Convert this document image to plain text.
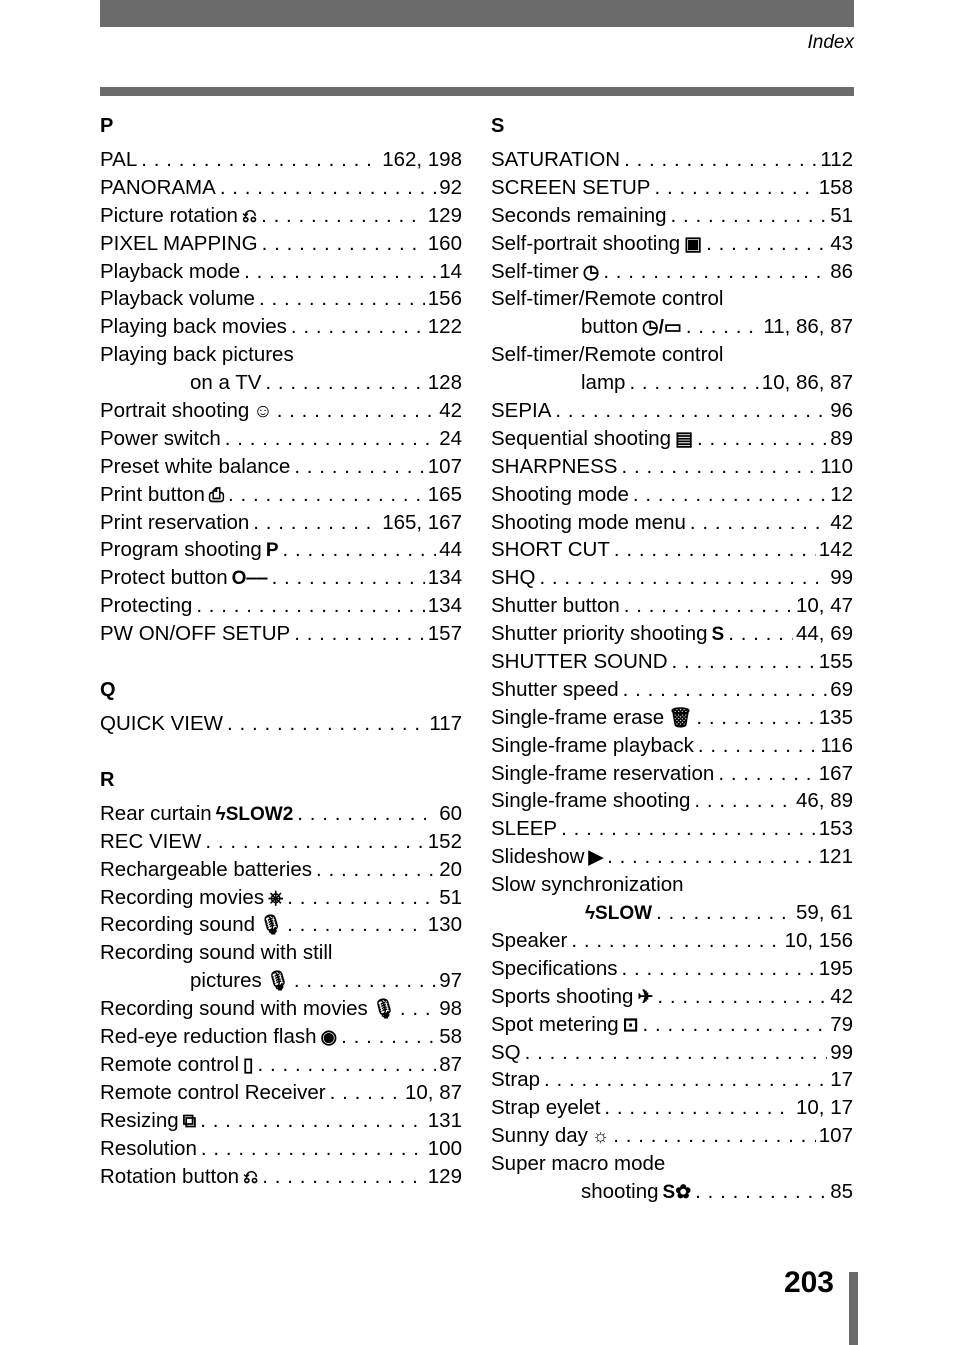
Index
P
PAL . . .	162, 198
PANORAMA . . .	92
Picture rotation ⎌ . . .	129
PIXEL MAPPING . . .	160
Playback mode . . .	14
Playback volume . . .	156
Playing back movies . . .	122
Playing back pictures
on a TV . . .	128
Portrait shooting ☺ . . .	42
Power switch . . .	24
Preset white balance . . .	107
Print button ⎙ . . .	165
Print reservation . . .	165, 167
Program shooting P . . .	44
Protect button O‒‒ . . .	134
Protecting . . .	134
PW ON/OFF SETUP . . .	157
Q
QUICK VIEW . . .	117
R
Rear curtain ϟSLOW2 . . .	60
REC VIEW . . .	152
Rechargeable batteries . . .	20
Recording movies ⎈ . . .	51
Recording sound 🎙 . . .	130
Recording sound with still
pictures 🎙 . . .	97
Recording sound with movies 🎙 . . . 98
Red-eye reduction flash ◉ . . .	58
Remote control ▯ . . .	87
Remote control Receiver . . .	10, 87
Resizing ⧉ . . .	131
Resolution . . .	100
Rotation button ⎌ . . .	129
S
SATURATION . . .	112
SCREEN SETUP . . .	158
Seconds remaining . . .	51
Self-portrait shooting ▣ . . .	43
Self-timer ◷ . . .	86
Self-timer/Remote control
button ◷/▭ . . .	11, 86, 87
Self-timer/Remote control
lamp . . .	10, 86, 87
SEPIA . . .	96
Sequential shooting ▤ . . .	89
SHARPNESS . . .	110
Shooting mode . . .	12
Shooting mode menu . . .	42
SHORT CUT . . .	142
SHQ . . .	99
Shutter button . . .	10, 47
Shutter priority shooting S . . .	44, 69
SHUTTER SOUND . . .	155
Shutter speed . . .	69
Single-frame erase 🗑 . . .	135
Single-frame playback . . .	116
Single-frame reservation . . .	167
Single-frame shooting . . .	46, 89
SLEEP . . .	153
Slideshow ▶ . . .	121
Slow synchronization
ϟSLOW . . .	59, 61
Speaker . . .	10, 156
Specifications . . .	195
Sports shooting ✈ . . .	42
Spot metering ⊡ . . .	79
SQ . . .	99
Strap . . .	17
Strap eyelet . . .	10, 17
Sunny day ☼ . . .	107
Super macro mode
shooting S✿ . . .	85
203
